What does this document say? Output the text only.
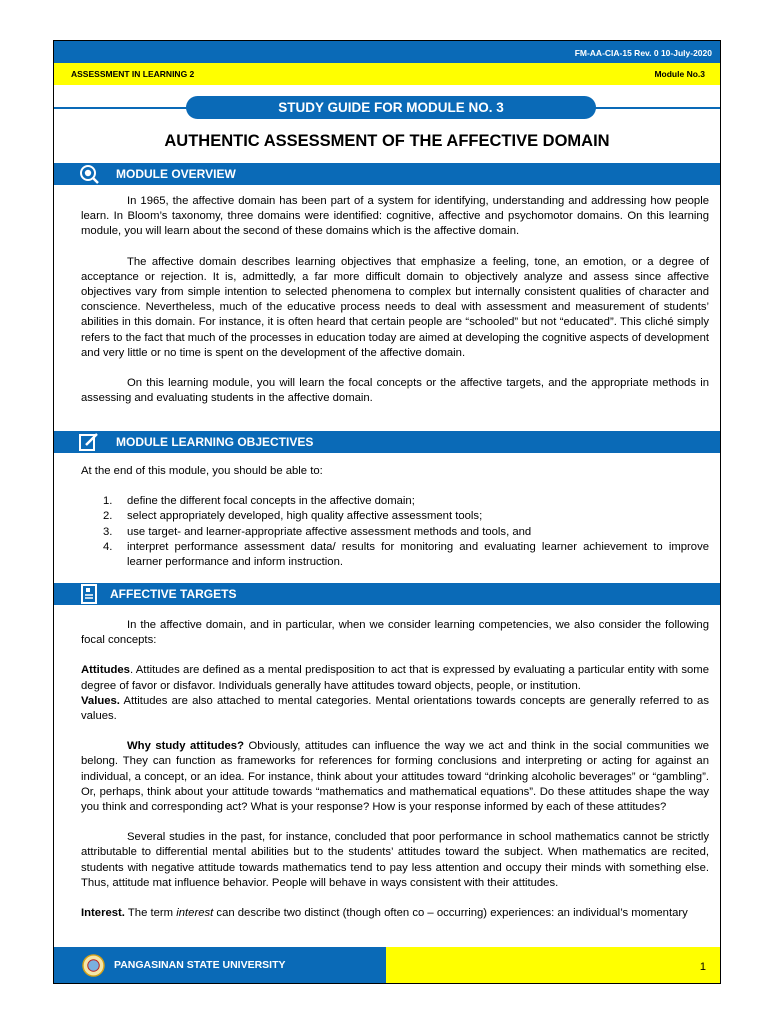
FM-AA-CIA-15 Rev. 0 10-July-2020
ASSESSMENT IN LEARNING 2	Module No.3
STUDY GUIDE FOR MODULE NO. 3
AUTHENTIC ASSESSMENT OF THE AFFECTIVE DOMAIN
MODULE OVERVIEW

In 1965, the affective domain has been part of a system for identifying, understanding and addressing how people learn. In Bloom’s taxonomy, three domains were identified: cognitive, affective and psychomotor domains. On this learning module, you will learn about the second of these domains which is the affective domain.

The affective domain describes learning objectives that emphasize a feeling, tone, an emotion, or a degree of acceptance or rejection. It is, admittedly, a far more difficult domain to objectively analyze and assess since affective objectives vary from simple intention to selected phenomena to complex but internally consistent qualities of character and conscience. Nevertheless, much of the educative process needs to deal with assessment and measurement of students’ abilities in this domain. For instance, it is often heard that certain people are “schooled” but not “educated”. This cliché simply refers to the fact that much of the processes in education today are aimed at developing the cognitive aspects of development and very little or no time is spent on the development of the affective domain.

On this learning module, you will learn the focal concepts or the affective targets, and the appropriate methods in assessing and evaluating students in the affective domain.

MODULE LEARNING OBJECTIVES

At the end of this module, you should be able to:

1. define the different focal concepts in the affective domain;
2. select appropriately developed, high quality affective assessment tools;
3. use target- and learner-appropriate affective assessment methods and tools, and
4. interpret performance assessment data/ results for monitoring and evaluating learner achievement to improve learner performance and inform instruction.
AFFECTIVE TARGETS

In the affective domain, and in particular, when we consider learning competencies, we also consider the following focal concepts:

Attitudes. Attitudes are defined as a mental predisposition to act that is expressed by evaluating a particular entity with some degree of favor or disfavor. Individuals generally have attitudes toward objects, people, or institution.

Values. Attitudes are also attached to mental categories. Mental orientations towards concepts are generally referred to as values.

Why study attitudes? Obviously, attitudes can influence the way we act and think in the social communities we belong. They can function as frameworks for references for forming conclusions and interpreting or acting for against an individual, a concept, or an idea. For instance, think about your attitudes toward “drinking alcoholic beverages” or “gambling”. Or, perhaps, think about your attitude towards “mathematics and mathematical equations”. Do these attitudes shape the way you think and corresponding act? What is your response? How is your response informed by each of these attitudes?

Several studies in the past, for instance, concluded that poor performance in school mathematics cannot be strictly attributable to differential mental abilities but to the students’ attitudes toward the subject. When mathematics are recited, students with negative attitude towards mathematics tend to pay less attention and occupy their minds with something else. Thus, attitude mat influence behavior. People will behave in ways consistent with their attitudes.

Interest. The term interest can describe two distinct (though often co – occurring) experiences: an individual’s momentary

PANGASINAN STATE UNIVERSITY	1
